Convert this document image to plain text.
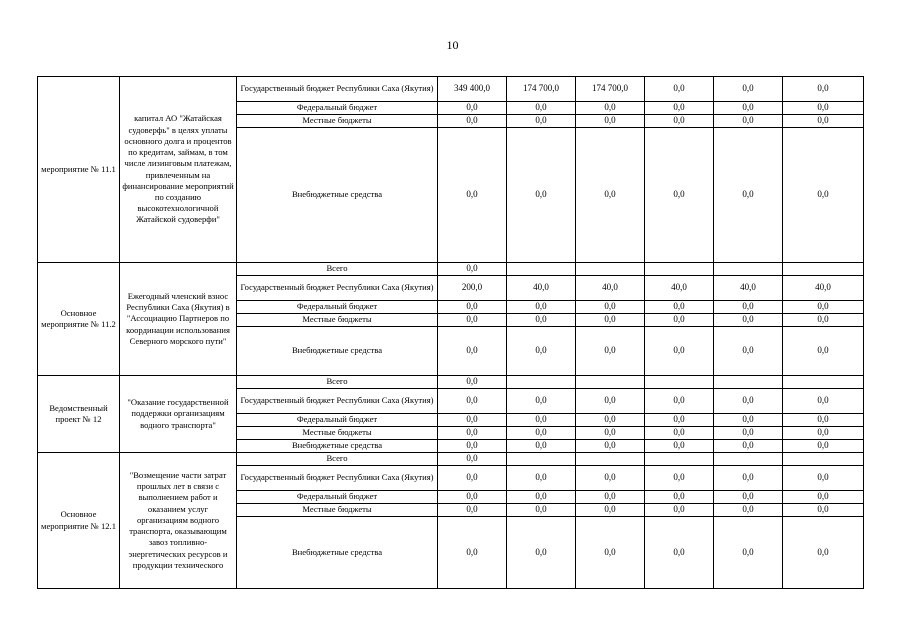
10
мероприятие № 11.1	капитал АО "Жатайская судоверфь" в целях уплаты основного долга и процентов по кредитам, займам, в том числе лизинговым платежам, привлеченным на финансирование мероприятий по созданию высокотехнологичной Жатайской судоверфи"	Государственный бюджет Республики Саха (Якутия)	349 400,0	174 700,0	174 700,0	0,0	0,0	0,0
		Федеральный бюджет	0,0	0,0	0,0	0,0	0,0	0,0
		Местные бюджеты	0,0	0,0	0,0	0,0	0,0	0,0
		Внебюджетные средства	0,0	0,0	0,0	0,0	0,0	0,0
Основное мероприятие № 11.2	Ежегодный членский взнос Республики Саха (Якутия) в "Ассоциацию Партнеров по координации использования Северного морского пути"	Всего	0,0					
		Государственный бюджет Республики Саха (Якутия)	200,0	40,0	40,0	40,0	40,0	40,0
		Федеральный бюджет	0,0	0,0	0,0	0,0	0,0	0,0
		Местные бюджеты	0,0	0,0	0,0	0,0	0,0	0,0
		Внебюджетные средства	0,0	0,0	0,0	0,0	0,0	0,0
Ведомственный проект № 12	"Оказание государственной поддержки организациям водного транспорта"	Всего	0,0					
		Государственный бюджет Республики Саха (Якутия)	0,0	0,0	0,0	0,0	0,0	0,0
		Федеральный бюджет	0,0	0,0	0,0	0,0	0,0	0,0
		Местные бюджеты	0,0	0,0	0,0	0,0	0,0	0,0
		Внебюджетные средства	0,0	0,0	0,0	0,0	0,0	0,0
Основное мероприятие № 12.1	"Возмещение части затрат прошлых лет в связи с выполнением работ и оказанием услуг организациям водного транспорта, оказывающим завоз топливно-энергетических ресурсов и продукции технического	Всего	0,0					
		Государственный бюджет Республики Саха (Якутия)	0,0	0,0	0,0	0,0	0,0	0,0
		Федеральный бюджет	0,0	0,0	0,0	0,0	0,0	0,0
		Местные бюджеты	0,0	0,0	0,0	0,0	0,0	0,0
		Внебюджетные средства	0,0	0,0	0,0	0,0	0,0	0,0
